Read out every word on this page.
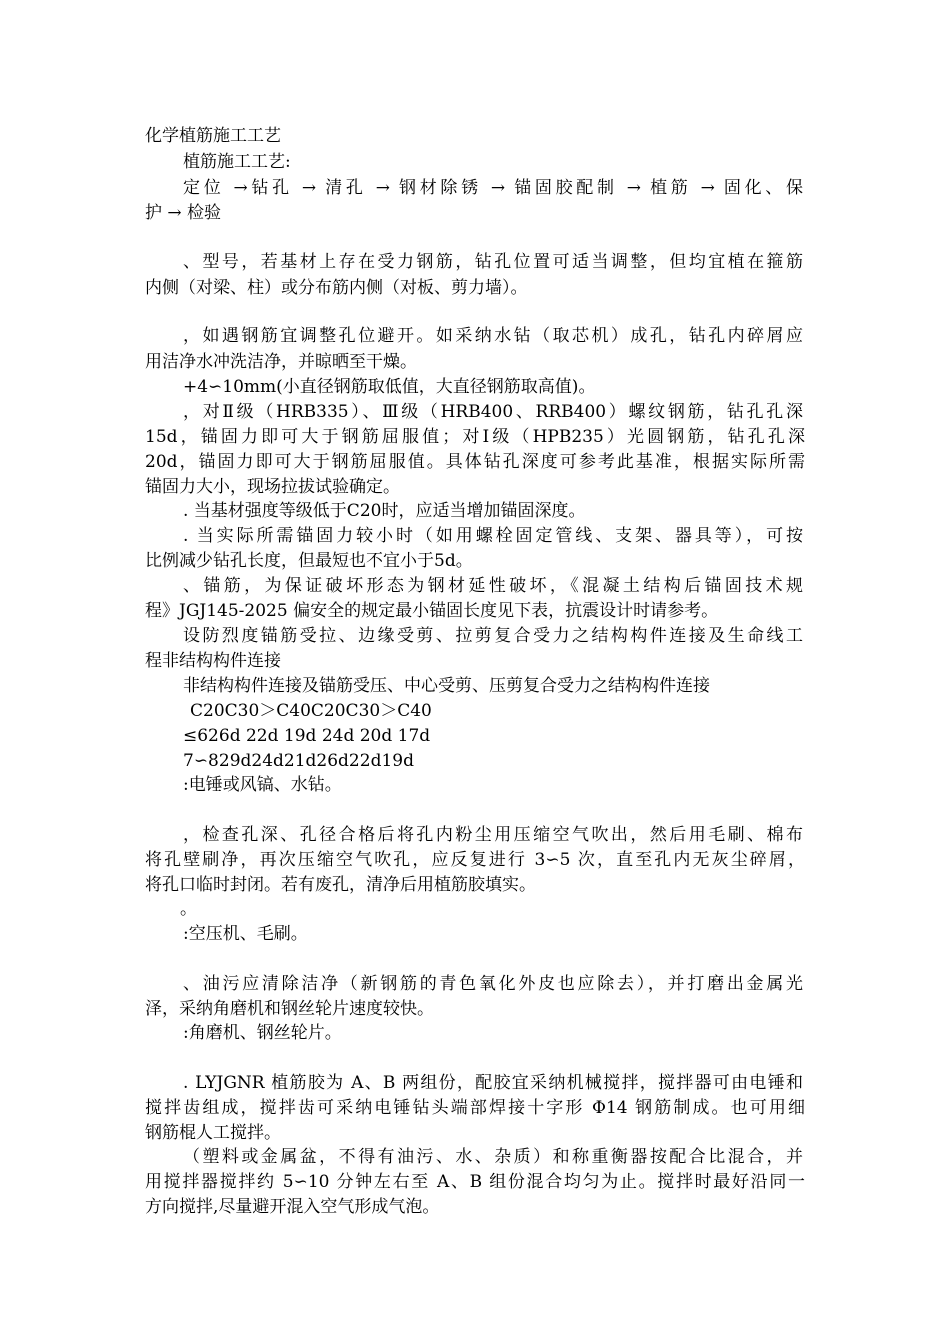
化学植筋施工工艺
植筋施工工艺:
定位 →钻孔 → 清孔 → 钢材除锈 → 锚固胶配制 → 植筋 → 固化、保
护 → 检验
、型号，若基材上存在受力钢筋，钻孔位置可适当调整，但均宜植在箍筋
内侧（对梁、柱）或分布筋内侧（对板、剪力墙）。
，如遇钢筋宜调整孔位避开。如采纳水钻（取芯机）成孔，钻孔内碎屑应
用洁净水冲洗洁净，并晾晒至干燥。
+4∽10mm(小直径钢筋取低值，大直径钢筋取高值)。
，对Ⅱ级（HRB335）、Ⅲ级（HRB400、RRB400）螺纹钢筋，钻孔孔深
15d，锚固力即可大于钢筋屈服值；对Ⅰ级（HPB235）光圆钢筋，钻孔孔深
20d，锚固力即可大于钢筋屈服值。具体钻孔深度可参考此基准，根据实际所需
锚固力大小，现场拉拔试验确定。
. 当基材强度等级低于C20时，应适当增加锚固深度。
. 当实际所需锚固力较小时（如用螺栓固定管线、支架、器具等），可按
比例减少钻孔长度，但最短也不宜小于5d。
、锚筋，为保证破坏形态为钢材延性破坏，《混凝土结构后锚固技术规
程》JGJ145-2025 偏安全的规定最小锚固长度见下表，抗震设计时请参考。
设防烈度锚筋受拉、边缘受剪、拉剪复合受力之结构构件连接及生命线工
程非结构构件连接
非结构构件连接及锚筋受压、中心受剪、压剪复合受力之结构构件连接
C20C30＞C40C20C30＞C40
≤626d 22d 19d 24d 20d 17d
7∽829d24d21d26d22d19d
:电锤或风镐、水钻。
，检查孔深、孔径合格后将孔内粉尘用压缩空气吹出，然后用毛刷、棉布
将孔壁刷净，再次压缩空气吹孔，应反复进行 3∽5 次，直至孔内无灰尘碎屑，
将孔口临时封闭。若有废孔，清净后用植筋胶填实。
。
:空压机、毛刷。
、油污应清除洁净（新钢筋的青色氧化外皮也应除去），并打磨出金属光
泽，采纳角磨机和钢丝轮片速度较快。
:角磨机、钢丝轮片。
. LYJGNR 植筋胶为 A、B 两组份，配胶宜采纳机械搅拌，搅拌器可由电锤和
搅拌齿组成，搅拌齿可采纳电锤钻头端部焊接十字形 Φ14 钢筋制成。也可用细
钢筋棍人工搅拌。
（塑料或金属盆，不得有油污、水、杂质）和称重衡器按配合比混合，并
用搅拌器搅拌约 5∽10 分钟左右至 A、B 组份混合均匀为止。搅拌时最好沿同一
方向搅拌,尽量避开混入空气形成气泡。
